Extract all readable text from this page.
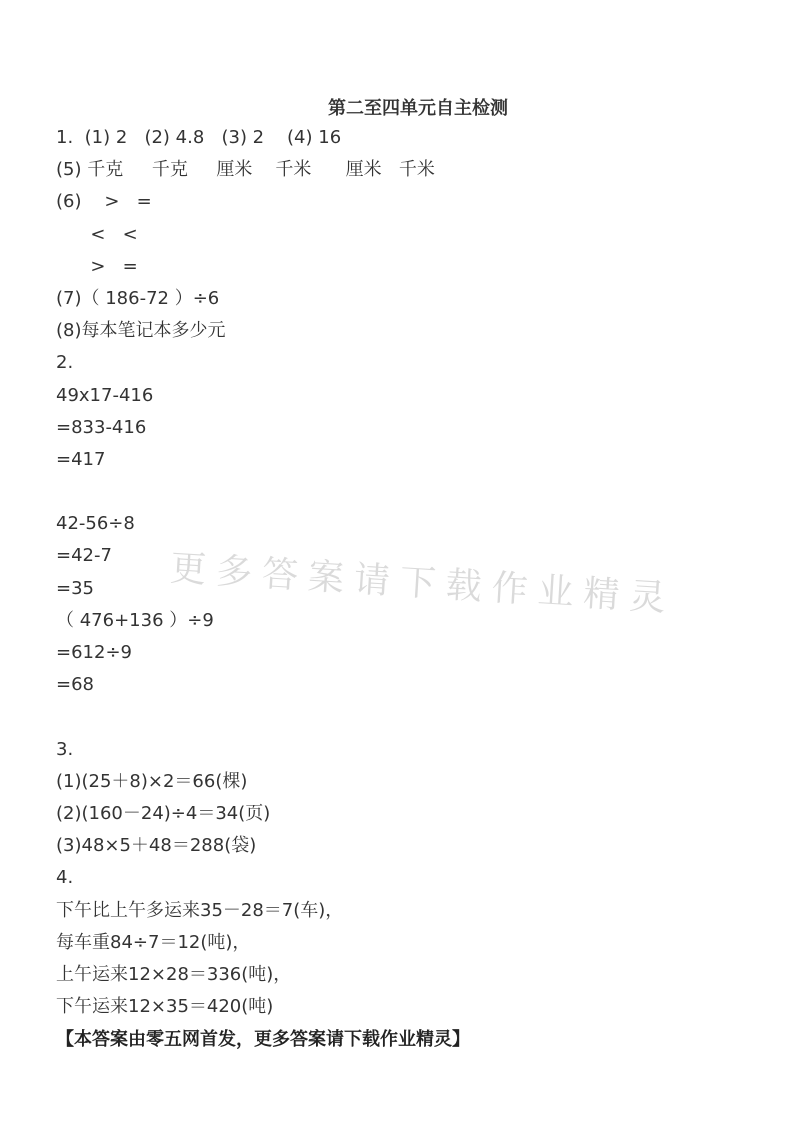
第二至四单元自主检测
1.  (1) 2   (2) 4.8   (3) 2    (4) 16
(5) 千克     千克     厘米    千米      厘米   千米
(6)    >   =
<   <
>   =
(7)（ 186-72 ）÷6
(8)每本笔记本多少元
2.
49x17-416
=833-416
=417
42-56÷8
=42-7
=35
（ 476+136 ）÷9
=612÷9
=68
3.
(1)(25＋8)×2＝66(棵)
(2)(160－24)÷4＝34(页)
(3)48×5＋48＝288(袋)
4.
下午比上午多运来35－28＝7(车)，
每车重84÷7＝12(吨)，
上午运来12×28＝336(吨)，
下午运来12×35＝420(吨)
【本答案由零五网首发，更多答案请下载作业精灵】
更多答案请下载作业精灵
